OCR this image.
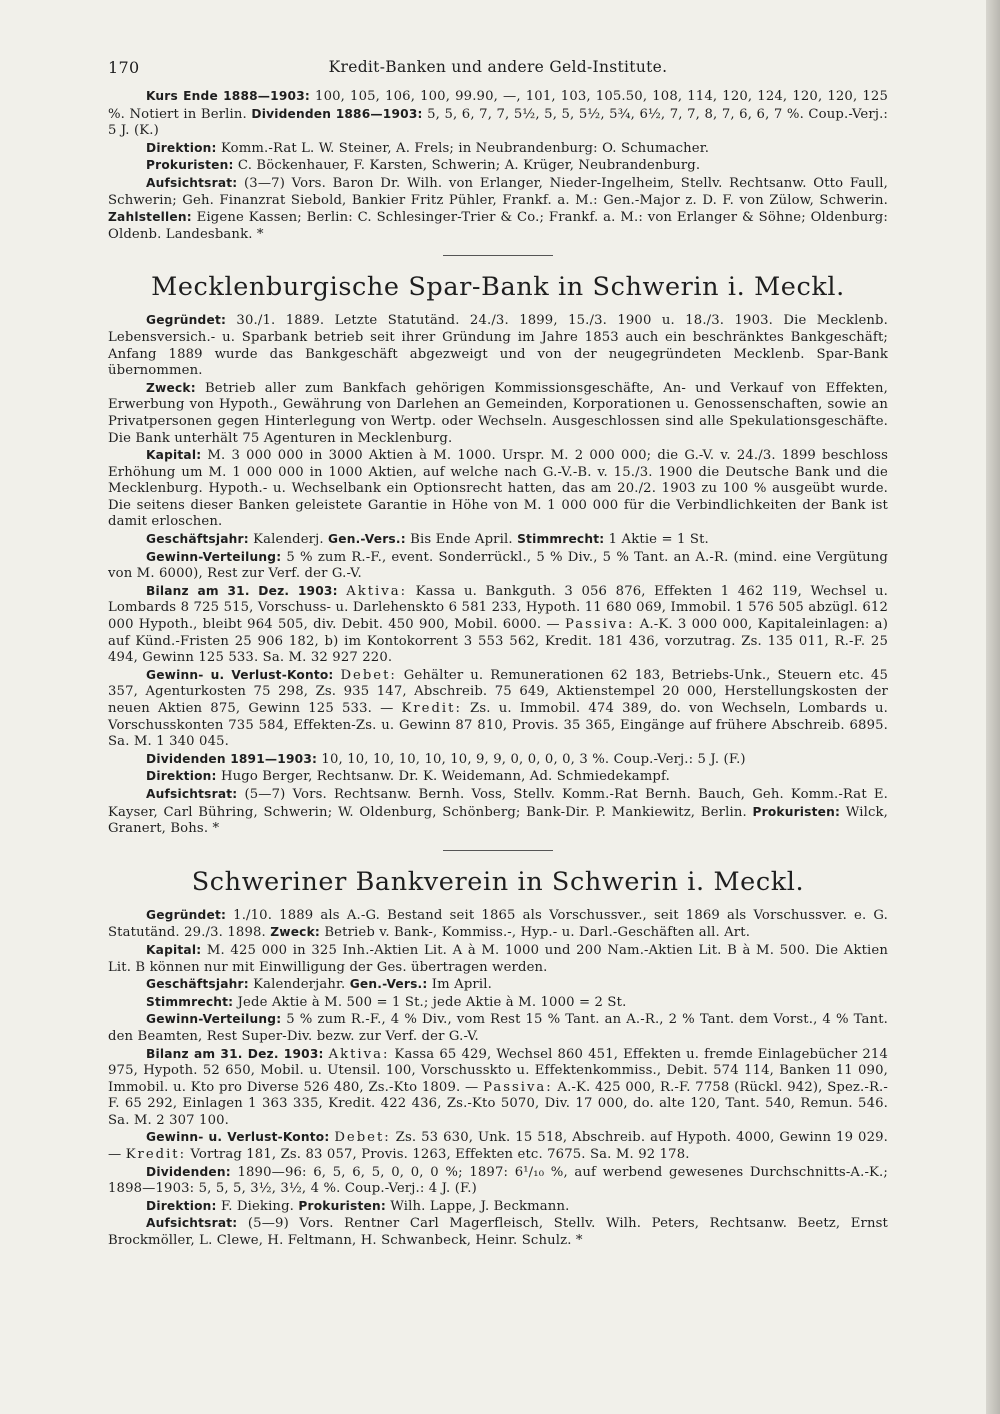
170	Kredit-Banken und andere Geld-Institute.

Kurs Ende 1888—1903: 100, 105, 106, 100, 99.90, —, 101, 103, 105.50, 108, 114, 120, 124, 120, 120, 125 %. Notiert in Berlin. Dividenden 1886—1903: 5, 5, 6, 7, 7, 5½, 5, 5, 5½, 5¾, 6½, 7, 7, 8, 7, 6, 6, 7 %. Coup.-Verj.: 5 J. (K.)

Direktion: Komm.-Rat L. W. Steiner, A. Frels; in Neubrandenburg: O. Schumacher.

Prokuristen: C. Böckenhauer, F. Karsten, Schwerin; A. Krüger, Neubrandenburg.

Aufsichtsrat: (3—7) Vors. Baron Dr. Wilh. von Erlanger, Nieder-Ingelheim, Stellv. Rechtsanw. Otto Faull, Schwerin; Geh. Finanzrat Siebold, Bankier Fritz Pühler, Frankf. a. M.: Gen.-Major z. D. F. von Zülow, Schwerin. Zahlstellen: Eigene Kassen; Berlin: C. Schlesinger-Trier & Co.; Frankf. a. M.: von Erlanger & Söhne; Oldenburg: Oldenb. Landesbank. *

Mecklenburgische Spar-Bank in Schwerin i. Meckl.

Gegründet: 30./1. 1889. Letzte Statutänd. 24./3. 1899, 15./3. 1900 u. 18./3. 1903. Die Mecklenb. Lebensversich.- u. Sparbank betrieb seit ihrer Gründung im Jahre 1853 auch ein beschränktes Bankgeschäft; Anfang 1889 wurde das Bankgeschäft abgezweigt und von der neugegründeten Mecklenb. Spar-Bank übernommen.

Zweck: Betrieb aller zum Bankfach gehörigen Kommissionsgeschäfte, An- und Verkauf von Effekten, Erwerbung von Hypoth., Gewährung von Darlehen an Gemeinden, Korporationen u. Genossenschaften, sowie an Privatpersonen gegen Hinterlegung von Wertp. oder Wechseln. Ausgeschlossen sind alle Spekulationsgeschäfte. Die Bank unterhält 75 Agenturen in Mecklenburg.

Kapital: M. 3 000 000 in 3000 Aktien à M. 1000. Urspr. M. 2 000 000; die G.-V. v. 24./3. 1899 beschloss Erhöhung um M. 1 000 000 in 1000 Aktien, auf welche nach G.-V.-B. v. 15./3. 1900 die Deutsche Bank und die Mecklenburg. Hypoth.- u. Wechselbank ein Optionsrecht hatten, das am 20./2. 1903 zu 100 % ausgeübt wurde. Die seitens dieser Banken geleistete Garantie in Höhe von M. 1 000 000 für die Verbindlichkeiten der Bank ist damit erloschen.

Geschäftsjahr: Kalenderj. Gen.-Vers.: Bis Ende April. Stimmrecht: 1 Aktie = 1 St.

Gewinn-Verteilung: 5 % zum R.-F., event. Sonderrückl., 5 % Div., 5 % Tant. an A.-R. (mind. eine Vergütung von M. 6000), Rest zur Verf. der G.-V.

Bilanz am 31. Dez. 1903: Aktiva: Kassa u. Bankguth. 3 056 876, Effekten 1 462 119, Wechsel u. Lombards 8 725 515, Vorschuss- u. Darlehenskto 6 581 233, Hypoth. 11 680 069, Immobil. 1 576 505 abzügl. 612 000 Hypoth., bleibt 964 505, div. Debit. 450 900, Mobil. 6000. — Passiva: A.-K. 3 000 000, Kapitaleinlagen: a) auf Künd.-Fristen 25 906 182, b) im Kontokorrent 3 553 562, Kredit. 181 436, vorzutrag. Zs. 135 011, R.-F. 25 494, Gewinn 125 533. Sa. M. 32 927 220.

Gewinn- u. Verlust-Konto: Debet: Gehälter u. Remunerationen 62 183, Betriebs-Unk., Steuern etc. 45 357, Agenturkosten 75 298, Zs. 935 147, Abschreib. 75 649, Aktienstempel 20 000, Herstellungskosten der neuen Aktien 875, Gewinn 125 533. — Kredit: Zs. u. Immobil. 474 389, do. von Wechseln, Lombards u. Vorschusskonten 735 584, Effekten-Zs. u. Gewinn 87 810, Provis. 35 365, Eingänge auf frühere Abschreib. 6895. Sa. M. 1 340 045.

Dividenden 1891—1903: 10, 10, 10, 10, 10, 10, 9, 9, 0, 0, 0, 0, 3 %. Coup.-Verj.: 5 J. (F.)

Direktion: Hugo Berger, Rechtsanw. Dr. K. Weidemann, Ad. Schmiedekampf.

Aufsichtsrat: (5—7) Vors. Rechtsanw. Bernh. Voss, Stellv. Komm.-Rat Bernh. Bauch, Geh. Komm.-Rat E. Kayser, Carl Bühring, Schwerin; W. Oldenburg, Schönberg; Bank-Dir. P. Mankiewitz, Berlin. Prokuristen: Wilck, Granert, Bohs. *

Schweriner Bankverein in Schwerin i. Meckl.

Gegründet: 1./10. 1889 als A.-G. Bestand seit 1865 als Vorschussver., seit 1869 als Vorschussver. e. G. Statutänd. 29./3. 1898. Zweck: Betrieb v. Bank-, Kommiss.-, Hyp.- u. Darl.-Geschäften all. Art.

Kapital: M. 425 000 in 325 Inh.-Aktien Lit. A à M. 1000 und 200 Nam.-Aktien Lit. B à M. 500. Die Aktien Lit. B können nur mit Einwilligung der Ges. übertragen werden.

Geschäftsjahr: Kalenderjahr. Gen.-Vers.: Im April.

Stimmrecht: Jede Aktie à M. 500 = 1 St.; jede Aktie à M. 1000 = 2 St.

Gewinn-Verteilung: 5 % zum R.-F., 4 % Div., vom Rest 15 % Tant. an A.-R., 2 % Tant. dem Vorst., 4 % Tant. den Beamten, Rest Super-Div. bezw. zur Verf. der G.-V.

Bilanz am 31. Dez. 1903: Aktiva: Kassa 65 429, Wechsel 860 451, Effekten u. fremde Einlagebücher 214 975, Hypoth. 52 650, Mobil. u. Utensil. 100, Vorschusskto u. Effektenkommiss., Debit. 574 114, Banken 11 090, Immobil. u. Kto pro Diverse 526 480, Zs.-Kto 1809. — Passiva: A.-K. 425 000, R.-F. 7758 (Rückl. 942), Spez.-R.-F. 65 292, Einlagen 1 363 335, Kredit. 422 436, Zs.-Kto 5070, Div. 17 000, do. alte 120, Tant. 540, Remun. 546. Sa. M. 2 307 100.

Gewinn- u. Verlust-Konto: Debet: Zs. 53 630, Unk. 15 518, Abschreib. auf Hypoth. 4000, Gewinn 19 029. — Kredit: Vortrag 181, Zs. 83 057, Provis. 1263, Effekten etc. 7675. Sa. M. 92 178.

Dividenden: 1890—96: 6, 5, 6, 5, 0, 0, 0 %; 1897: 6¹/₁₀ %, auf werbend gewesenes Durchschnitts-A.-K.; 1898—1903: 5, 5, 5, 3½, 3½, 4 %. Coup.-Verj.: 4 J. (F.)

Direktion: F. Dieking. Prokuristen: Wilh. Lappe, J. Beckmann.

Aufsichtsrat: (5—9) Vors. Rentner Carl Magerfleisch, Stellv. Wilh. Peters, Rechtsanw. Beetz, Ernst Brockmöller, L. Clewe, H. Feltmann, H. Schwanbeck, Heinr. Schulz. *
